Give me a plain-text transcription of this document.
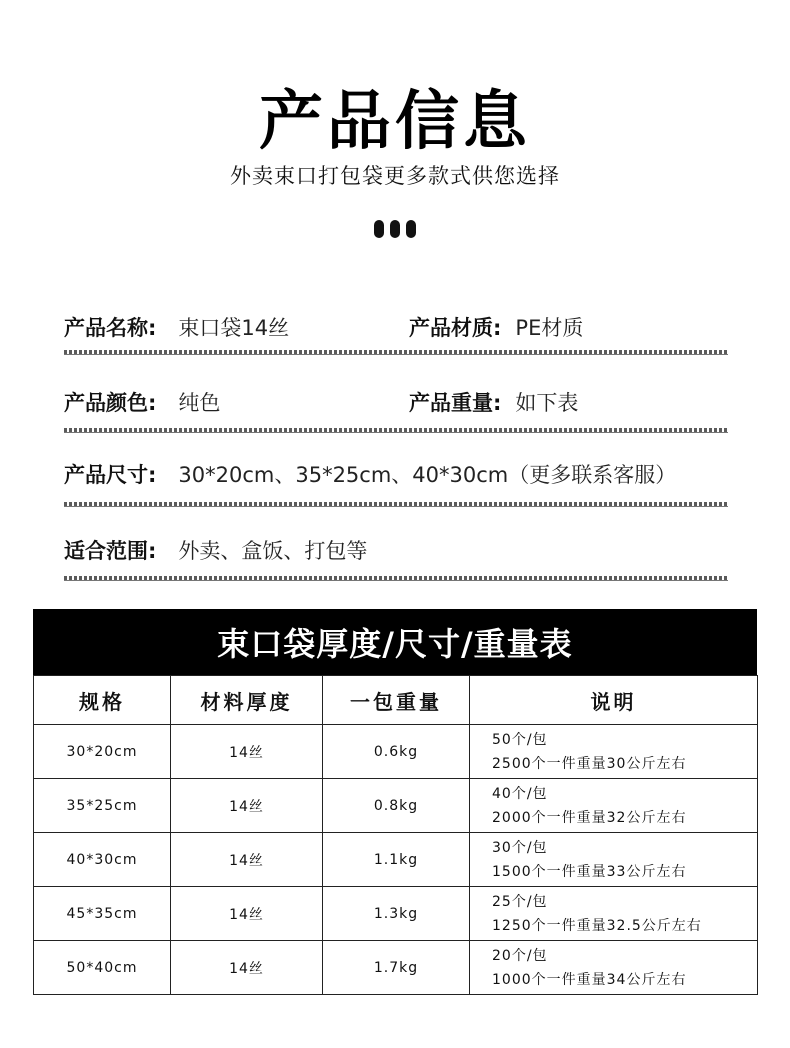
产品信息
外卖束口打包袋更多款式供您选择
产品名称: 束口袋14丝	产品材质: PE材质
产品颜色: 纯色	产品重量: 如下表
产品尺寸: 30*20cm、35*25cm、40*30cm（更多联系客服）
适合范围: 外卖、盒饭、打包等
束口袋厚度/尺寸/重量表
规格	材料厚度	一包重量	说明
30*20cm	14丝	0.6kg	50个/包
2500个一件重量30公斤左右

35*25cm	14丝	0.8kg	40个/包
2000个一件重量32公斤左右

40*30cm	14丝	1.1kg	30个/包
1500个一件重量33公斤左右

45*35cm	14丝	1.3kg	25个/包
1250个一件重量32.5公斤左右

50*40cm	14丝	1.7kg	20个/包
1000个一件重量34公斤左右
